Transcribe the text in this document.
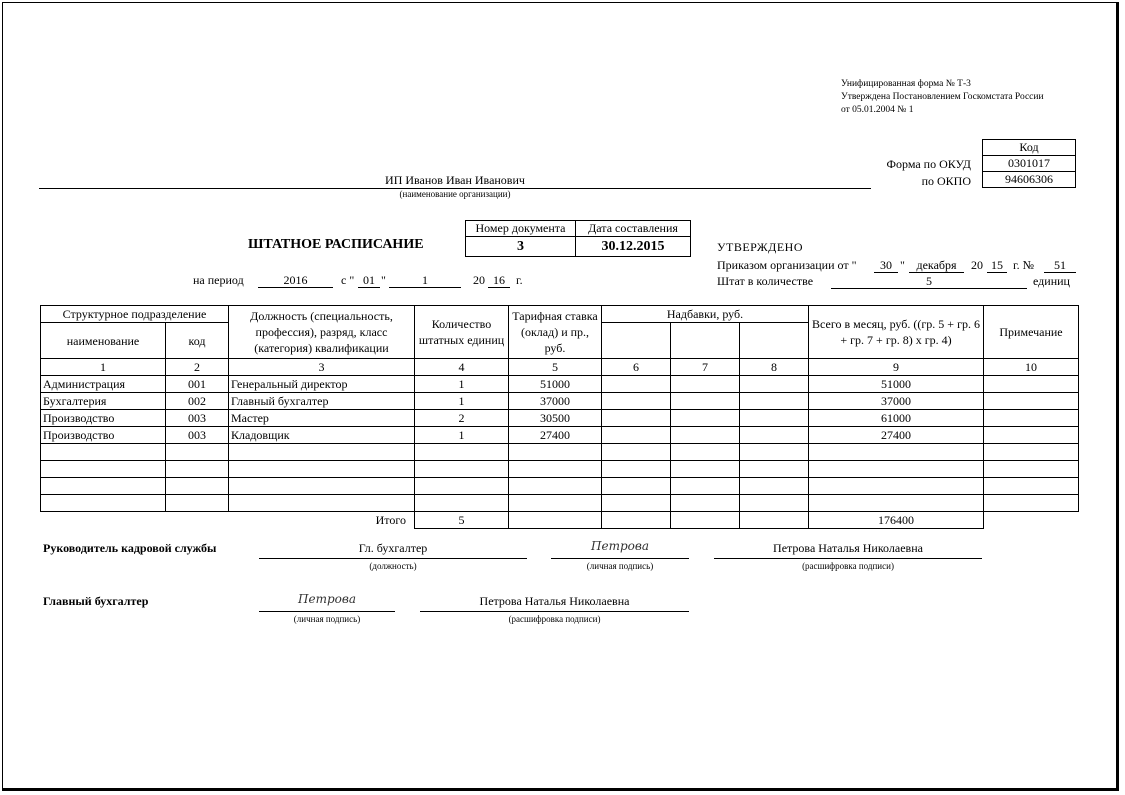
Унифицированная форма № Т-3
Утверждена Постановлением Госкомстата России
от 05.01.2004 № 1
Форма по ОКУД
по ОКПО
Код
0301017
94606306
ИП Иванов Иван Иванович
(наименование организации)
ШТАТНОЕ РАСПИСАНИЕ
Номер документа	Дата составления
3	30.12.2015
на период	2016	с " 01 "	1	20 16 г.
УТВЕРЖДЕНО
Приказом организации от "	30 " декабря	20 15 г. №	51
Штат в количестве	5	единиц
Структурное подразделение		Должность (специальность, профессия), разряд, класс (категория) квалификации	Количество штатных единиц	Тарифная ставка (оклад) и пр., руб.	Надбавки, руб.			Всего в месяц, руб. ((гр. 5 + гр. 6 + гр. 7 + гр. 8) х гр. 4)	Примечание
наименование	код								
1	2	3	4	5	6	7	8	9	10
Администрация	001	Генеральный директор	1	51000				51000	
Бухгалтерия	002	Главный бухгалтер	1	37000				37000	
Производство	003	Мастер	2	30500				61000	
Производство	003	Кладовщик	1	27400				27400	

Итого			5					176400	
Руководитель кадровой службы	Гл. бухгалтер
(должность)
Петрова
(личная подпись)
Петрова Наталья Николаевна
(расшифровка подписи)
Главный бухгалтер	Петрова
(личная подпись)
Петрова Наталья Николаевна
(расшифровка подписи)
